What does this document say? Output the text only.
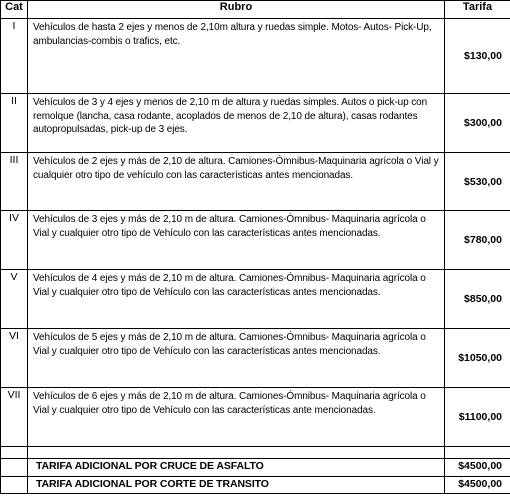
Cat	Rubro	Tarifa
I	Vehículos de hasta 2 ejes y menos de 2,10m altura y ruedas simple. Motos- Autos- Pick-Up, ambulancias-combis o trafics, etc.	$130,00
II	Vehículos de 3 y 4 ejes y menos de 2,10 m de altura y ruedas simples. Autos o pick-up con remolque (lancha, casa rodante, acoplados de menos de 2,10 de altura), casas rodantes autopropulsadas, pick-up de 3 ejes.	$300,00
III	Vehículos de 2 ejes y más de 2,10 de altura. Camiones-Ómnibus-Maquinaria agrícola o Vial y cualquier otro tipo de vehículo con las características antes mencionadas.	$530,00
IV	Vehículos de 3 ejes y más de 2,10 m de altura. Camiones-Ómnibus- Maquinaria agrícola o Vial y cualquier otro tipo de Vehículo con las características antes mencionadas.	$780,00
V	Vehículos de 4 ejes y más de 2,10 m de altura. Camiones-Ómnibus- Maquinaria agrícola o Vial y cualquier otro tipo de Vehículo con las características antes mencionadas.	$850,00
VI	Vehículos de 5 ejes y más de 2,10 m de altura. Camiones-Ómnibus- Maquinaria agrícola o Vial y cualquier otro tipo de Vehículo con las características antes mencionadas.	$1050,00
VII	Vehículos de 6 ejes y más de 2,10 m de altura. Camiones-Ómnibus- Maquinaria agrícola o Vial y cualquier otro tipo de Vehículo con las características ante mencionadas.	$1100,00

	TARIFA ADICIONAL POR CRUCE DE ASFALTO	$4500,00
	TARIFA ADICIONAL POR CORTE DE TRANSITO	$4500,00
